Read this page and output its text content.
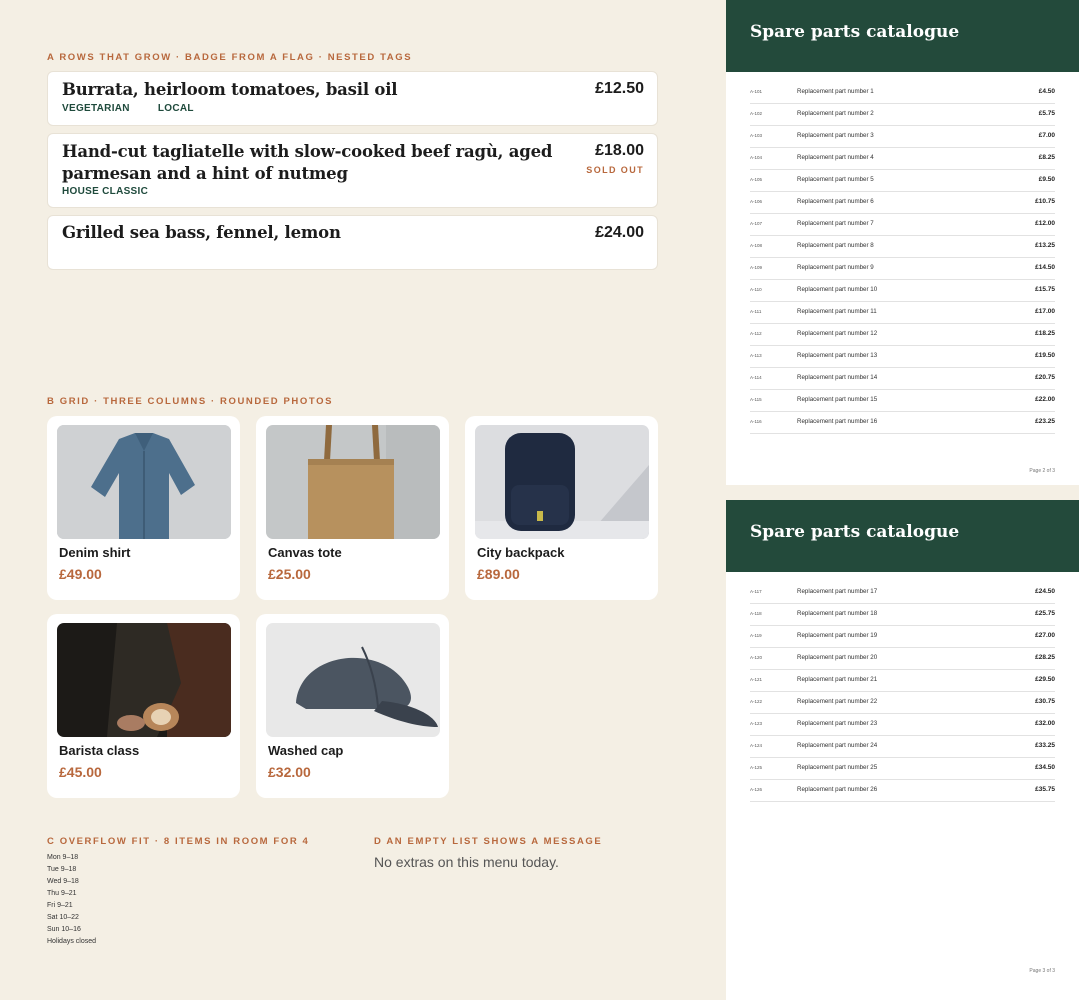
A ROWS THAT GROW · BADGE FROM A FLAG · NESTED TAGS
Burrata, heirloom tomatoes, basil oil	£12.50
VEGETARIAN	LOCAL
Hand-cut tagliatelle with slow-cooked beef ragù, aged
parmesan and a hint of nutmeg
£18.00
SOLD OUT
HOUSE CLASSIC
Grilled sea bass, fennel, lemon	£24.00
B GRID · THREE COLUMNS · ROUNDED PHOTOS
Denim shirt
£49.00
Canvas tote
£25.00
City backpack
£89.00
Barista class
£45.00
Washed cap
£32.00
C OVERFLOW FIT · 8 ITEMS IN ROOM FOR 4
Mon 9–18
Tue 9–18
Wed 9–18
Thu 9–21
Fri 9–21
Sat 10–22
Sun 10–16
Holidays closed
D AN EMPTY LIST SHOWS A MESSAGE
No extras on this menu today.
Spare parts catalogue
A-101	Replacement part number 1	£4.50
A-102	Replacement part number 2	£5.75
A-103	Replacement part number 3	£7.00
A-104	Replacement part number 4	£8.25
A-105	Replacement part number 5	£9.50
A-106	Replacement part number 6	£10.75
A-107	Replacement part number 7	£12.00
A-108	Replacement part number 8	£13.25
A-109	Replacement part number 9	£14.50
A-110	Replacement part number 10	£15.75
A-111	Replacement part number 11	£17.00
A-112	Replacement part number 12	£18.25
A-113	Replacement part number 13	£19.50
A-114	Replacement part number 14	£20.75
A-115	Replacement part number 15	£22.00
A-116	Replacement part number 16	£23.25
Page 2 of 3
Spare parts catalogue
A-117	Replacement part number 17	£24.50
A-118	Replacement part number 18	£25.75
A-119	Replacement part number 19	£27.00
A-120	Replacement part number 20	£28.25
A-121	Replacement part number 21	£29.50
A-122	Replacement part number 22	£30.75
A-123	Replacement part number 23	£32.00
A-124	Replacement part number 24	£33.25
A-125	Replacement part number 25	£34.50
A-126	Replacement part number 26	£35.75
Page 3 of 3
